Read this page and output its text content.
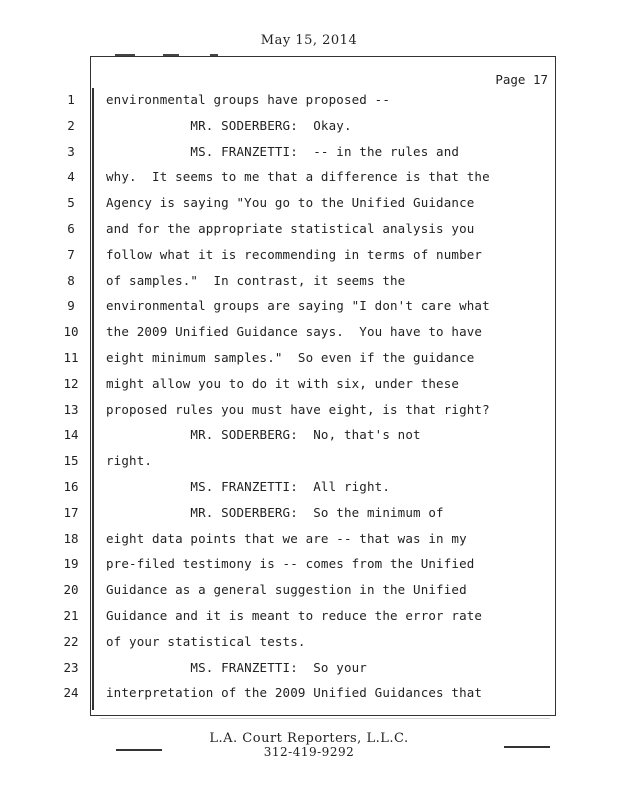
May 15, 2014
Page 17
1	environmental groups have proposed --
2	MR. SODERBERG:  Okay.
3	MS. FRANZETTI:  -- in the rules and
4	why.  It seems to me that a difference is that the
5	Agency is saying "You go to the Unified Guidance
6	and for the appropriate statistical analysis you
7	follow what it is recommending in terms of number
8	of samples."  In contrast, it seems the
9	environmental groups are saying "I don't care what
10	the 2009 Unified Guidance says.  You have to have
11	eight minimum samples."  So even if the guidance
12	might allow you to do it with six, under these
13	proposed rules you must have eight, is that right?
14	MR. SODERBERG:  No, that's not
15	right.
16	MS. FRANZETTI:  All right.
17	MR. SODERBERG:  So the minimum of
18	eight data points that we are -- that was in my
19	pre-filed testimony is -- comes from the Unified
20	Guidance as a general suggestion in the Unified
21	Guidance and it is meant to reduce the error rate
22	of your statistical tests.
23	MS. FRANZETTI:  So your
24	interpretation of the 2009 Unified Guidances that
L.A. Court Reporters, L.L.C.
312-419-9292
